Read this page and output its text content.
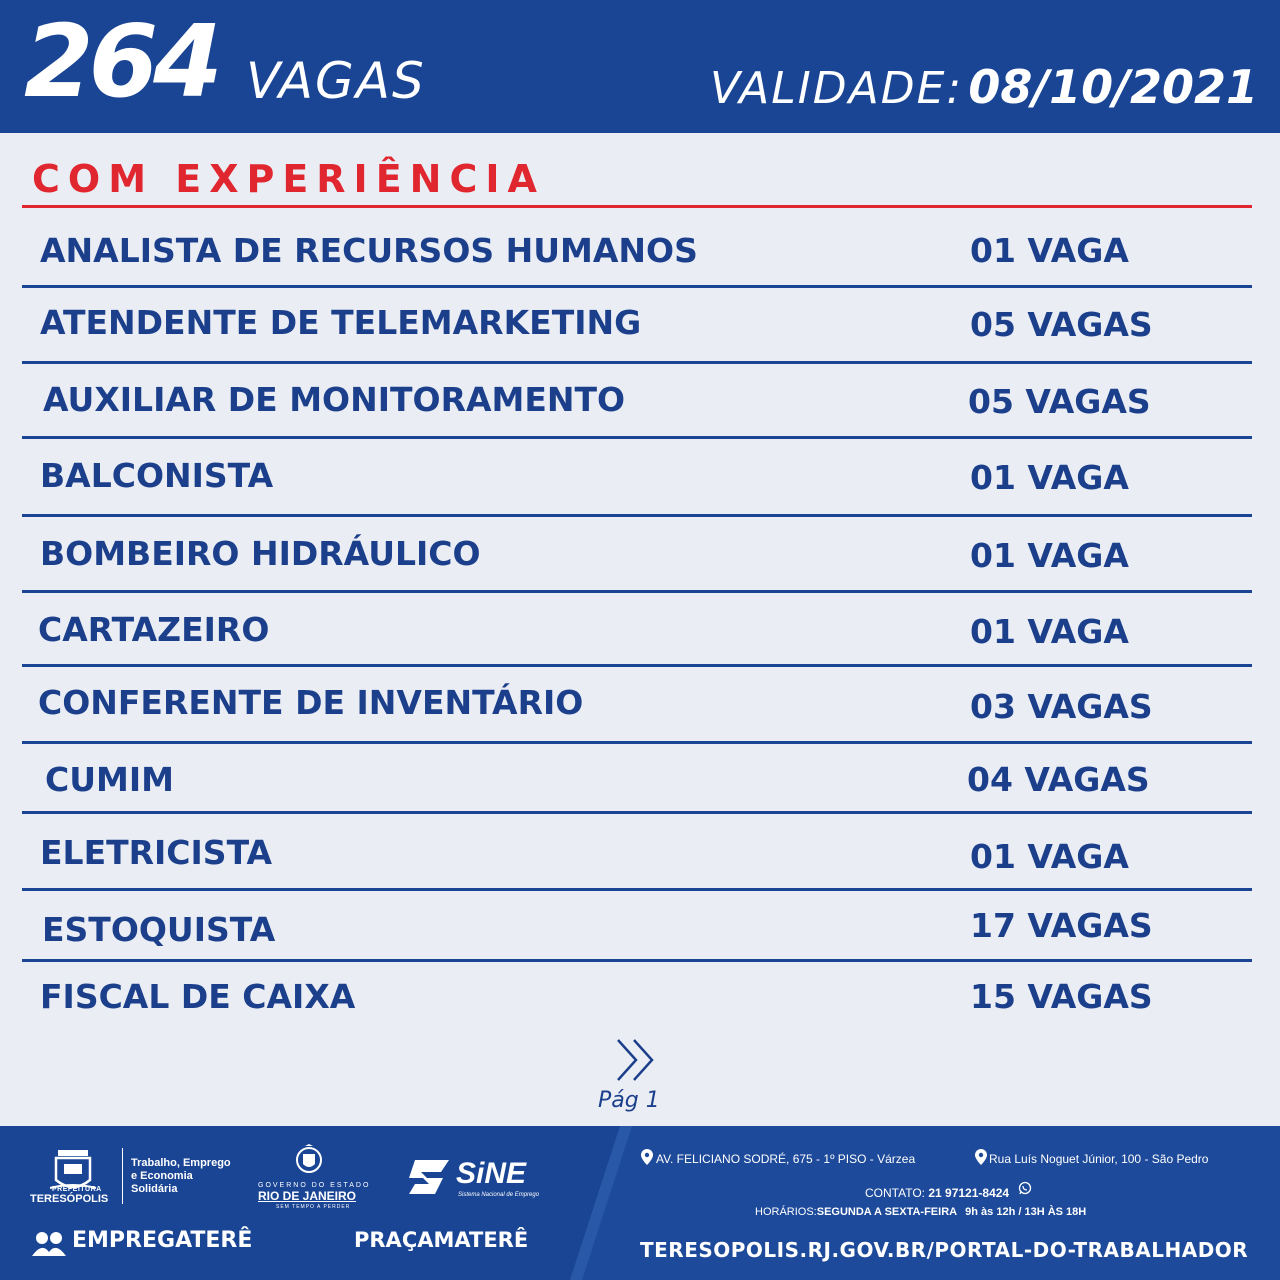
264 VAGAS	VALIDADE: 08/10/2021
COM EXPERIÊNCIA
ANALISTA DE RECURSOS HUMANOS	01 VAGA
ATENDENTE DE TELEMARKETING	05 VAGAS
AUXILIAR DE MONITORAMENTO	05 VAGAS
BALCONISTA	01 VAGA
BOMBEIRO HIDRÁULICO	01 VAGA
CARTAZEIRO	01 VAGA
CONFERENTE DE INVENTÁRIO	03 VAGAS
CUMIM	04 VAGAS
ELETRICISTA	01 VAGA
ESTOQUISTA	17 VAGAS
FISCAL DE CAIXA	15 VAGAS
Pág 1
PREFEITURA
TERESÓPOLIS
Trabalho, Emprego
e Economia
Solidária	GOVERNO DO ESTADO
RIO DE JANEIRO
SEM TEMPO A PERDER
SiNE
Sistema Nacional de Emprego
EMPREGATERÊ	PRAÇAMATERÊ
AV. FELICIANO SODRÉ, 675 - 1º PISO - Várzea	Rua Luís Noguet Júnior, 100 - São Pedro
CONTATO: 21 97121-8424
HORÁRIOS:SEGUNDA A SEXTA-FEIRA 9h às 12h / 13H ÀS 18H
TERESOPOLIS.RJ.GOV.BR/PORTAL-DO-TRABALHADOR
